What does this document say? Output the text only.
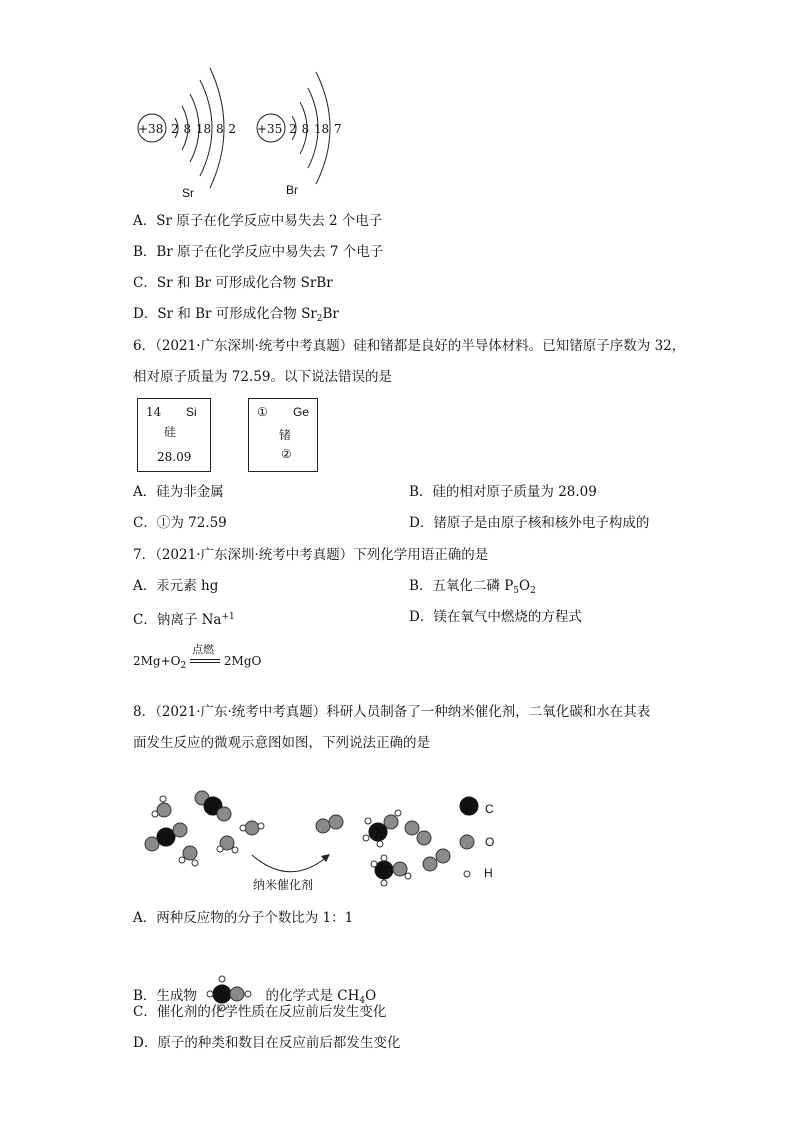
+38 2 8 18 8 2
Sr
+35 2 8 18 7
Br
A．Sr 原子在化学反应中易失去 2 个电子
B．Br 原子在化学反应中易失去 7 个电子
C．Sr 和 Br 可形成化合物 SrBr
D．Sr 和 Br 可形成化合物 $Sr_2Br$
6．（2021·广东深圳·统考中考真题）硅和锗都是良好的半导体材料。已知锗原子序数为 32，
相对原子质量为 72.59。以下说法错误的是
14 Si
硅
28.09
① Ge
锗
②
A．硅为非金属	B．硅的相对原子质量为 28.09
C．①为 72.59	D．锗原子是由原子核和核外电子构成的
7．（2021·广东深圳·统考中考真题）下列化学用语正确的是
A．汞元素 hg	B．五氧化二磷 $P_5O_2$
C．钠离子 $Na^{+1}$	D．镁在氧气中燃烧的方程式
$2Mg+O_2$
点燃
2MgO
8．（2021·广东·统考中考真题）科研人员制备了一种纳米催化剂，二氧化碳和水在其表
面发生反应的微观示意图如图，下列说法正确的是
C
O
H
纳米催化剂
A．两种反应物的分子个数比为 1：1
B．生成物	的化学式是 $CH_4O$
C．催化剂的化学性质在反应前后发生变化
D．原子的种类和数目在反应前后都发生变化
